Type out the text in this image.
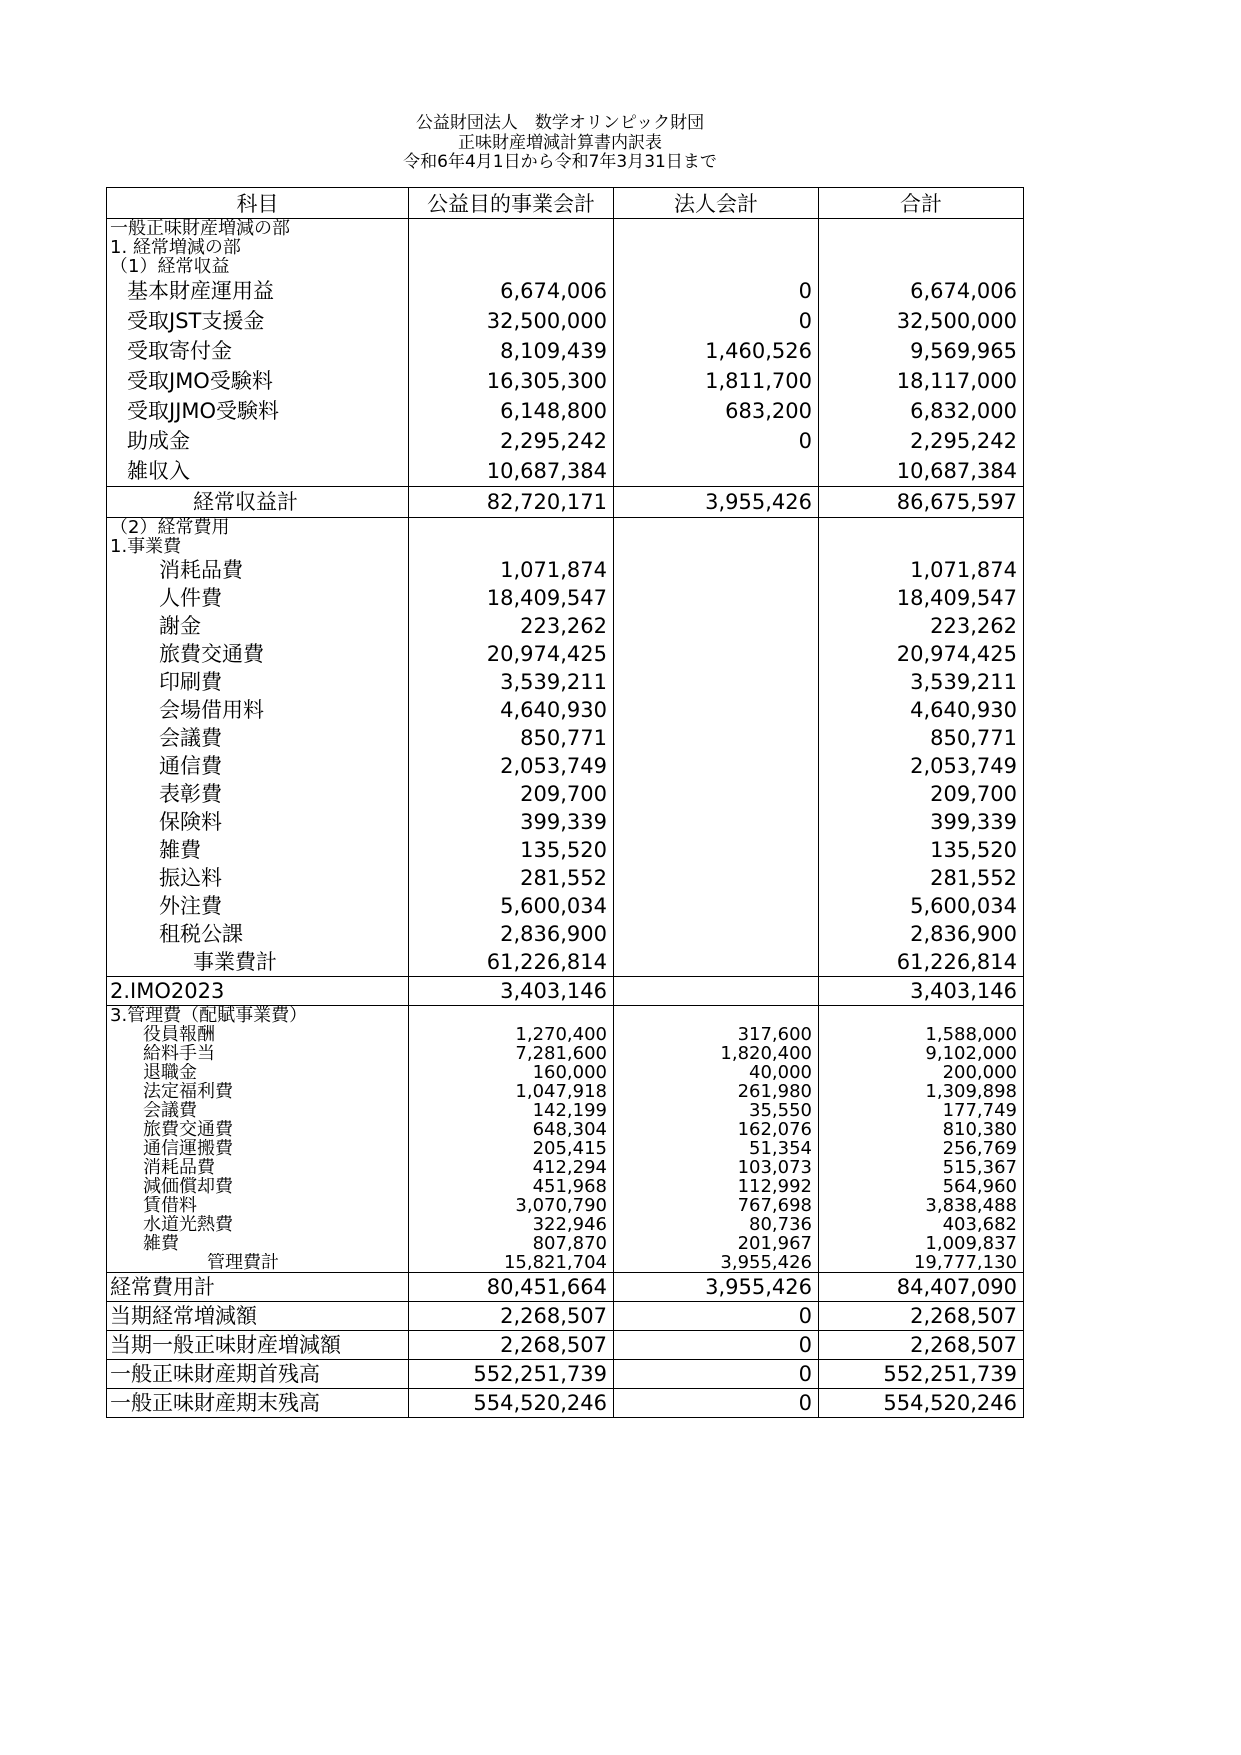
公益財団法人　数学オリンピック財団
正味財産増減計算書内訳表
令和6年4月1日から令和7年3月31日まで
科目	公益目的事業会計	法人会計	合計
一般正味財産増減の部			
1. 経常増減の部			
（1）経常収益			
基本財産運用益	6,674,006	0	6,674,006
受取JST支援金	32,500,000	0	32,500,000
受取寄付金	8,109,439	1,460,526	9,569,965
受取JMO受験料	16,305,300	1,811,700	18,117,000
受取JJMO受験料	6,148,800	683,200	6,832,000
助成金	2,295,242	0	2,295,242
雑収入	10,687,384		10,687,384
経常収益計	82,720,171	3,955,426	86,675,597
（2）経常費用			
1.事業費			
消耗品費	1,071,874		1,071,874
人件費	18,409,547		18,409,547
謝金	223,262		223,262
旅費交通費	20,974,425		20,974,425
印刷費	3,539,211		3,539,211
会場借用料	4,640,930		4,640,930
会議費	850,771		850,771
通信費	2,053,749		2,053,749
表彰費	209,700		209,700
保険料	399,339		399,339
雑費	135,520		135,520
振込料	281,552		281,552
外注費	5,600,034		5,600,034
租税公課	2,836,900		2,836,900
事業費計	61,226,814		61,226,814
2.IMO2023	3,403,146		3,403,146
3.管理費（配賦事業費）			
役員報酬	1,270,400	317,600	1,588,000
給料手当	7,281,600	1,820,400	9,102,000
退職金	160,000	40,000	200,000
法定福利費	1,047,918	261,980	1,309,898
会議費	142,199	35,550	177,749
旅費交通費	648,304	162,076	810,380
通信運搬費	205,415	51,354	256,769
消耗品費	412,294	103,073	515,367
減価償却費	451,968	112,992	564,960
賃借料	3,070,790	767,698	3,838,488
水道光熱費	322,946	80,736	403,682
雑費	807,870	201,967	1,009,837
管理費計	15,821,704	3,955,426	19,777,130
経常費用計	80,451,664	3,955,426	84,407,090
当期経常増減額	2,268,507	0	2,268,507
当期一般正味財産増減額	2,268,507	0	2,268,507
一般正味財産期首残高	552,251,739	0	552,251,739
一般正味財産期末残高	554,520,246	0	554,520,246
